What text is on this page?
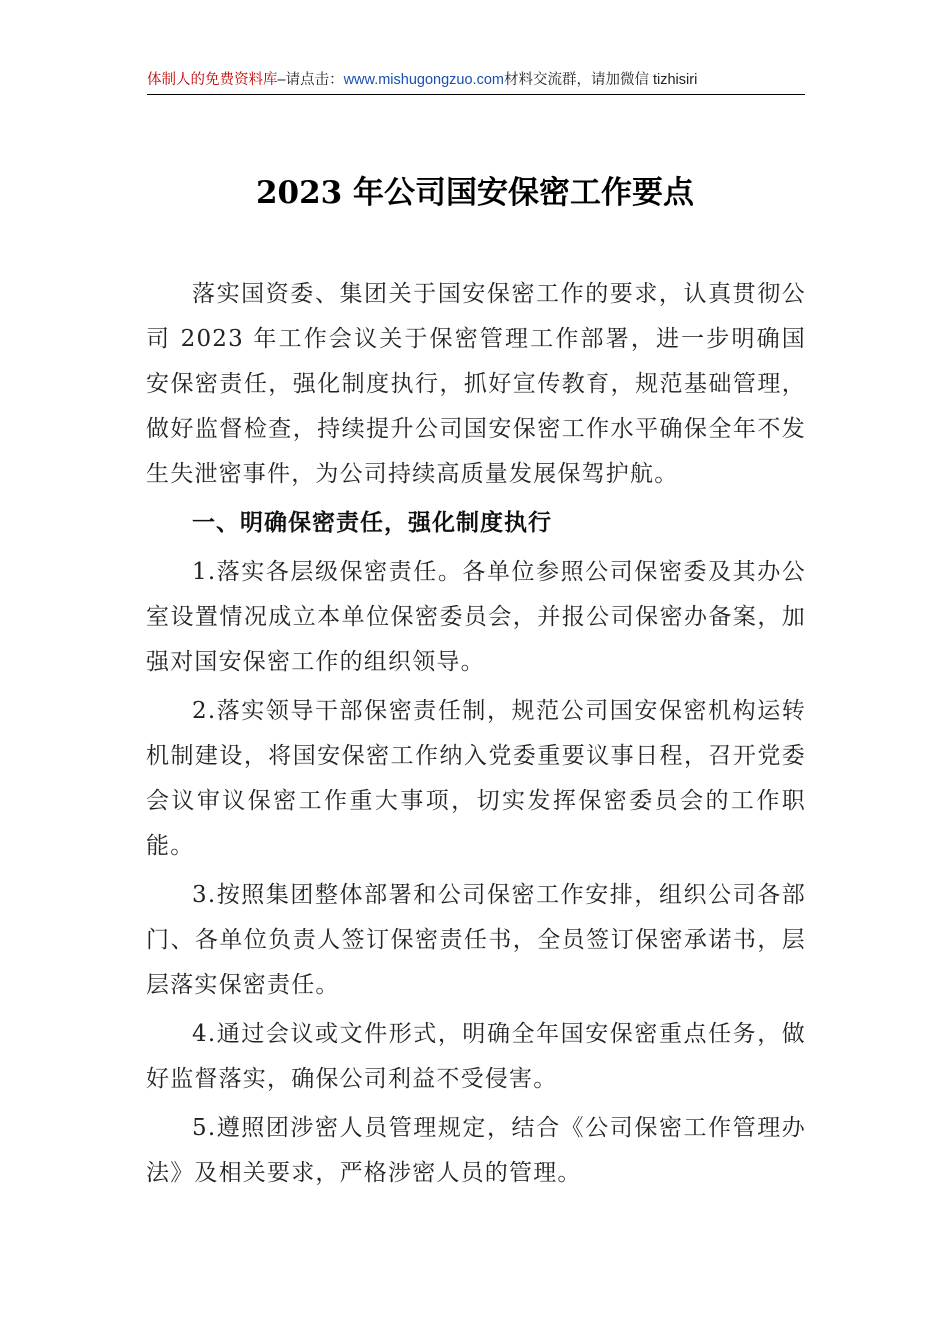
体制人的免费资料库–请点击：www.mishugongzuo.com材料交流群，请加微信 tizhisiri
2023 年公司国安保密工作要点

落实国资委、集团关于国安保密工作的要求，认真贯彻公司 2023 年工作会议关于保密管理工作部署，进一步明确国安保密责任，强化制度执行，抓好宣传教育，规范基础管理，做好监督检查，持续提升公司国安保密工作水平确保全年不发生失泄密事件，为公司持续高质量发展保驾护航。

一、明确保密责任，强化制度执行

1.落实各层级保密责任。各单位参照公司保密委及其办公室设置情况成立本单位保密委员会，并报公司保密办备案，加强对国安保密工作的组织领导。

2.落实领导干部保密责任制，规范公司国安保密机构运转机制建设，将国安保密工作纳入党委重要议事日程，召开党委会议审议保密工作重大事项，切实发挥保密委员会的工作职能。

3.按照集团整体部署和公司保密工作安排，组织公司各部门、各单位负责人签订保密责任书，全员签订保密承诺书，层层落实保密责任。

4.通过会议或文件形式，明确全年国安保密重点任务，做好监督落实，确保公司利益不受侵害。

5.遵照团涉密人员管理规定，结合《公司保密工作管理办法》及相关要求，严格涉密人员的管理。
